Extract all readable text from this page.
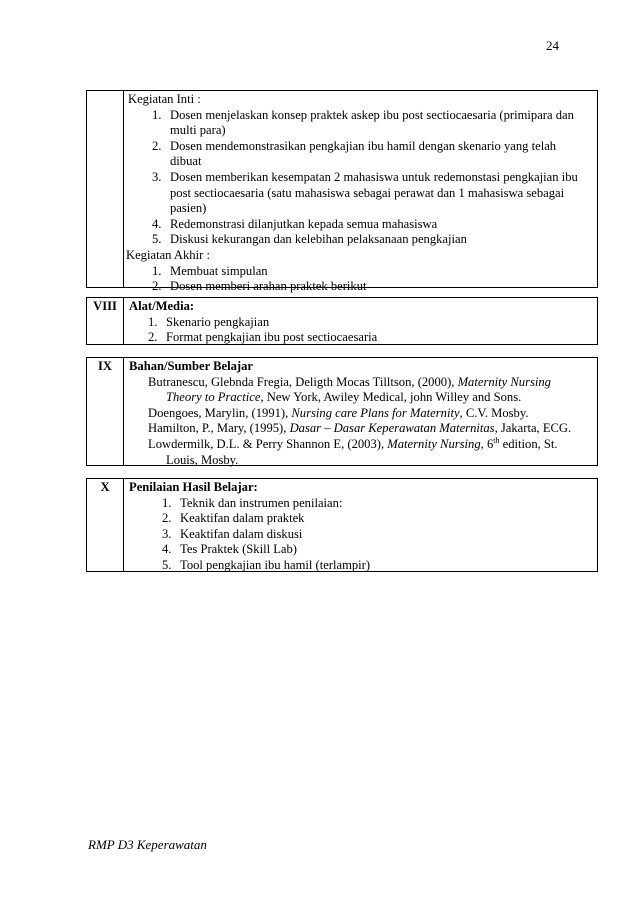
24
Kegiatan Inti :
1. Dosen menjelaskan konsep praktek askep ibu post sectiocaesaria (primipara dan
multi para)
2. Dosen mendemonstrasikan pengkajian ibu hamil dengan skenario yang telah
dibuat
3. Dosen memberikan kesempatan 2 mahasiswa untuk redemonstasi pengkajian ibu
post sectiocaesaria (satu mahasiswa sebagai perawat dan 1 mahasiswa sebagai
pasien)
4. Redemonstrasi dilanjutkan kepada semua mahasiswa
5. Diskusi kekurangan dan kelebihan pelaksanaan pengkajian
Kegiatan Akhir :
1. Membuat simpulan
2. Dosen memberi arahan praktek berikut
VIII Alat/Media:
1. Skenario pengkajian
2. Format pengkajian ibu post sectiocaesaria
IX	Bahan/Sumber Belajar
Butranescu, Glebnda Fregia, Deligth Mocas Tilltson, (2000), Maternity Nursing
Theory to Practice, New York, Awiley Medical, john Willey and Sons.
Doengoes, Marylin, (1991), Nursing care Plans for Maternity, C.V. Mosby.
Hamilton, P., Mary, (1995), Dasar – Dasar Keperawatan Maternitas, Jakarta, ECG.
Lowdermilk, D.L. & Perry Shannon E, (2003), Maternity Nursing, 6th edition, St.
Louis, Mosby.
X	Penilaian Hasil Belajar:
1. Teknik dan instrumen penilaian:
2. Keaktifan dalam praktek
3. Keaktifan dalam diskusi
4. Tes Praktek (Skill Lab)
5. Tool pengkajian ibu hamil (terlampir)
RMP D3 Keperawatan
